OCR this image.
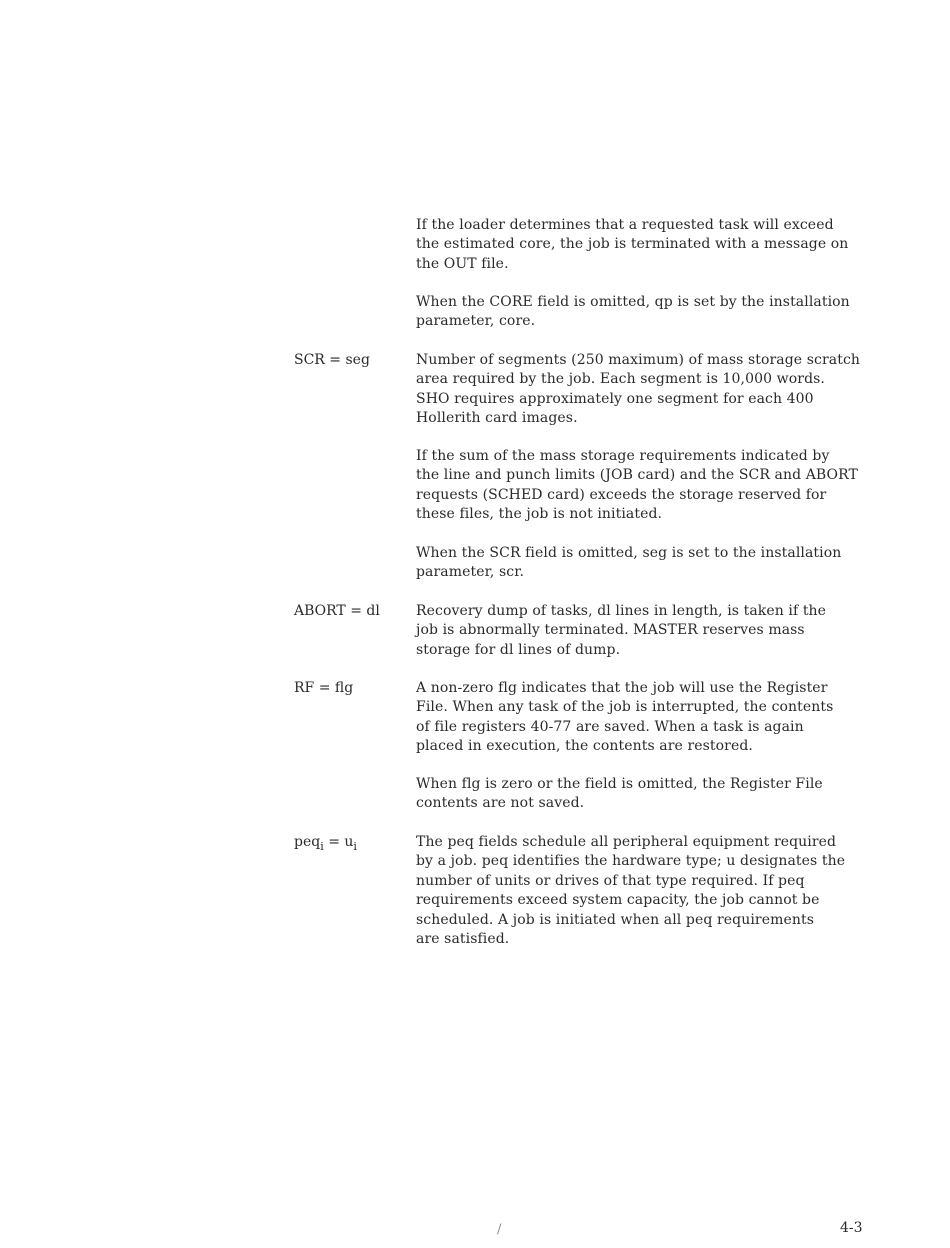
If the loader determines that a requested task will exceed
the estimated core, the job is terminated with a message on
the OUT file.
When the CORE field is omitted, qp is set by the installation
parameter, core.
SCR = seg	Number of segments (250 maximum) of mass storage scratch
area required by the job. Each segment is 10,000 words.
SHO requires approximately one segment for each 400
Hollerith card images.
If the sum of the mass storage requirements indicated by
the line and punch limits (JOB card) and the SCR and ABORT
requests (SCHED card) exceeds the storage reserved for
these files, the job is not initiated.
When the SCR field is omitted, seg is set to the installation
parameter, scr.
ABORT = dl	Recovery dump of tasks, dl lines in length, is taken if the
job is abnormally terminated. MASTER reserves mass
storage for dl lines of dump.
RF = flg	A non-zero flg indicates that the job will use the Register
File. When any task of the job is interrupted, the contents
of file registers 40-77 are saved. When a task is again
placed in execution, the contents are restored.
When flg is zero or the field is omitted, the Register File
contents are not saved.
$peq_i = u_i$	The peq fields schedule all peripheral equipment required
by a job. peq identifies the hardware type; u designates the
number of units or drives of that type required. If peq
requirements exceed system capacity, the job cannot be
scheduled. A job is initiated when all peq requirements
are satisfied.
/	4-3
